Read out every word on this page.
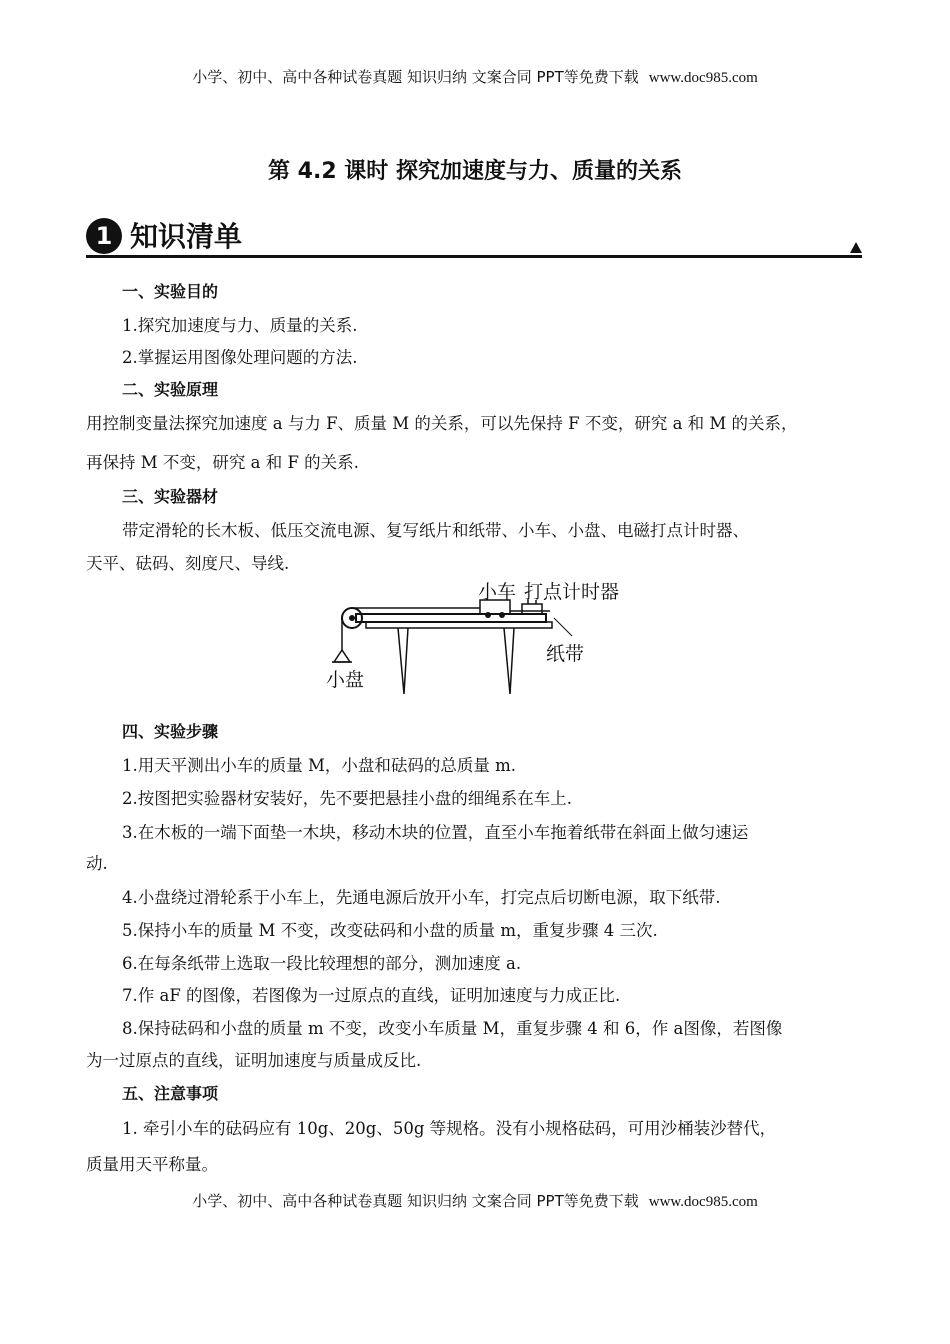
小学、初中、高中各种试卷真题 知识归纳 文案合同 PPT等免费下载 www.doc985.com
第 4.2 课时 探究加速度与力、质量的关系
1 知识清单
一、实验目的
1.探究加速度与力、质量的关系.
2.掌握运用图像处理问题的方法.
二、实验原理
用控制变量法探究加速度 a 与力 F、质量 M 的关系，可以先保持 F 不变，研究 a 和 M 的关系，
再保持 M 不变，研究 a 和 F 的关系.
三、实验器材
带定滑轮的长木板、低压交流电源、复写纸片和纸带、小车、小盘、电磁打点计时器、
天平、砝码、刻度尺、导线.
小盘
小车 打点计时器
纸带
四、实验步骤
1.用天平测出小车的质量 M，小盘和砝码的总质量 m.
2.按图把实验器材安装好，先不要把悬挂小盘的细绳系在车上.
3.在木板的一端下面垫一木块，移动木块的位置，直至小车拖着纸带在斜面上做匀速运
动.
4.小盘绕过滑轮系于小车上，先通电源后放开小车，打完点后切断电源，取下纸带.
5.保持小车的质量 M 不变，改变砝码和小盘的质量 m，重复步骤 4 三次.
6.在每条纸带上选取一段比较理想的部分，测加速度 a.
7.作 aF 的图像，若图像为一过原点的直线，证明加速度与力成正比.
8.保持砝码和小盘的质量 m 不变，改变小车质量 M，重复步骤 4 和 6，作 a图像，若图像
为一过原点的直线，证明加速度与质量成反比.
五、注意事项
1. 牵引小车的砝码应有 10g、20g、50g 等规格。没有小规格砝码，可用沙桶装沙替代，
质量用天平称量。
小学、初中、高中各种试卷真题 知识归纳 文案合同 PPT等免费下载 www.doc985.com
